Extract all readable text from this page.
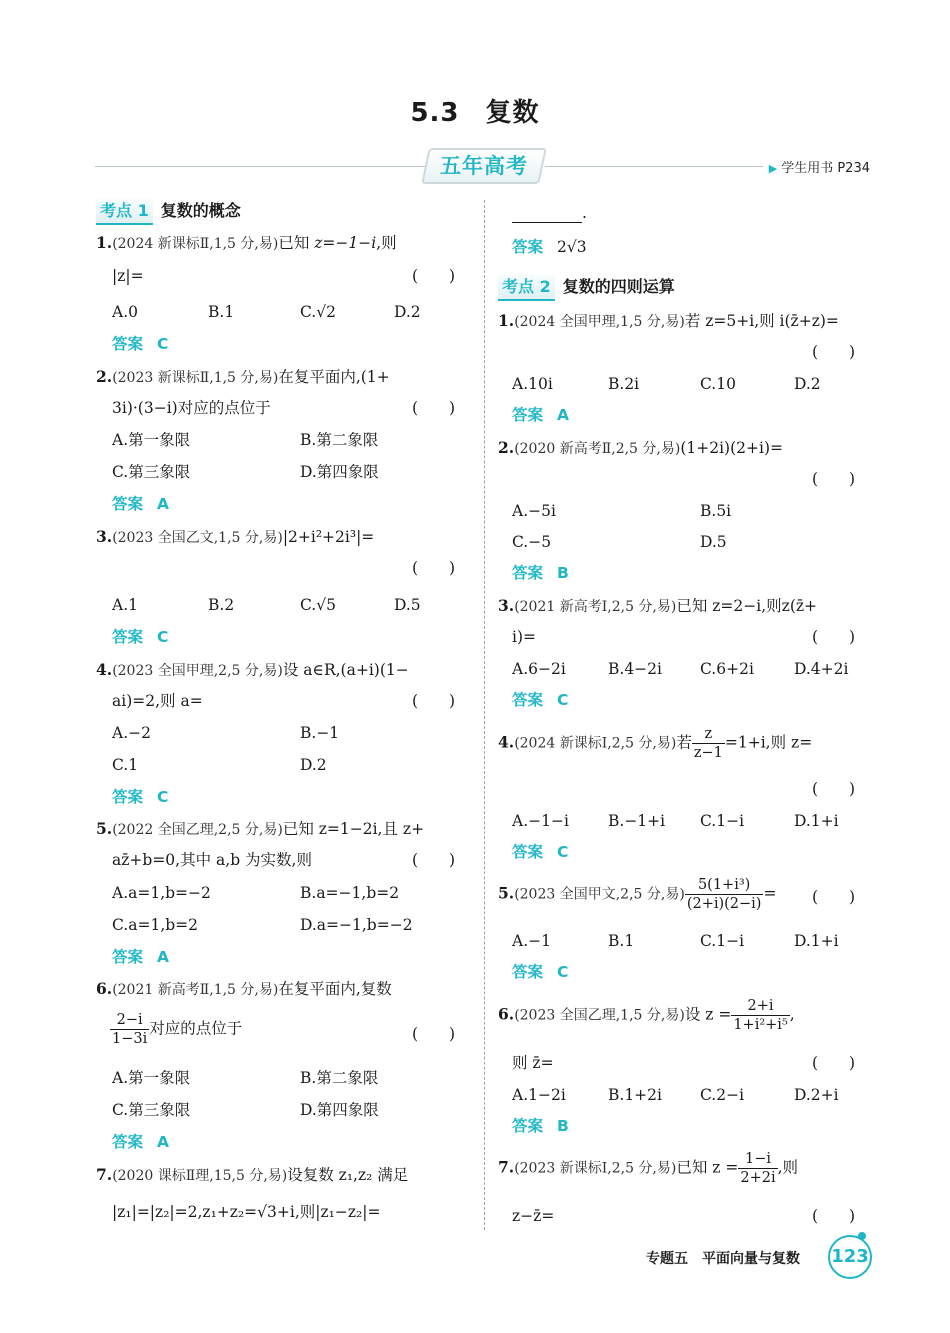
5.3 复数
五年高考	▶ 学生用书 P234
考点 1 复数的概念
1.(2024 新课标Ⅱ,1,5 分,易)已知 z=−1−i,则
|z|=	(　　)
A.0	B.1	C.√2	D.2
答案 C
2.(2023 新课标Ⅱ,1,5 分,易)在复平面内,(1+
3i)·(3−i)对应的点位于	(　　)
A.第一象限	B.第二象限
C.第三象限	D.第四象限
答案 A
3.(2023 全国乙文,1,5 分,易)|2+i²+2i³|=
(　　)
A.1	B.2	C.√5	D.5
答案 C
4.(2023 全国甲理,2,5 分,易)设 a∈R,(a+i)(1−
ai)=2,则 a=	(　　)
A.−2	B.−1
C.1	D.2
答案 C
5.(2022 全国乙理,2,5 分,易)已知 z=1−2i,且 z+
az̄+b=0,其中 a,b 为实数,则	(　　)
A.a=1,b=−2	B.a=−1,b=2
C.a=1,b=2	D.a=−1,b=−2
答案 A
6.(2021 新高考Ⅱ,1,5 分,易)在复平面内,复数
$\frac{2-i}{1-3i}$ 对应的点位于	(　　)
A.第一象限	B.第二象限
C.第三象限	D.第四象限
答案 A
7.(2020 课标Ⅱ理,15,5 分,易)设复数 z₁,z₂ 满足
|z₁|=|z₂|=2,z₁+z₂=√3+i,则|z₁−z₂|=
.
答案 2√3
考点 2 复数的四则运算
1.(2024 全国甲理,1,5 分,易)若 z=5+i,则 i(z̄+z)=
(　　)
A.10i	B.2i	C.10	D.2
答案 A
2.(2020 新高考Ⅱ,2,5 分,易)(1+2i)(2+i)=
(　　)
A.−5i	B.5i
C.−5	D.5
答案 B
3.(2021 新高考Ⅰ,2,5 分,易)已知 z=2−i,则z(z̄+
i)=	(　　)
A.6−2i	B.4−2i C.6+2i	D.4+2i
答案 C
4.(2024 新课标Ⅰ,2,5 分,易)若 $\frac{z}{z-1} =1+i$,则 z=
(　　)
A.−1−i	B.−1+i C.1−i	D.1+i
答案 C
5.(2023 全国甲文,2,5 分,易) $\frac{\text{5(1+i³)}}{(2+i)(2-i)}$ = (　　)
A.−1	B.1	C.1−i	D.1+i
答案 C
6.(2023 全国乙理,1,5 分,易)设 $z = \frac{2+i}{\text{1+i²+i⁵}}$ ,
则 z̄=	(　　)
A.1−2i	B.1+2i C.2−i	D.2+i
答案 B
7.(2023 新课标Ⅰ,2,5 分,易)已知 $z = \frac{1-i}{2+2i}$ ,则
z−z̄=	(　　)
专题五 平面向量与复数 123
